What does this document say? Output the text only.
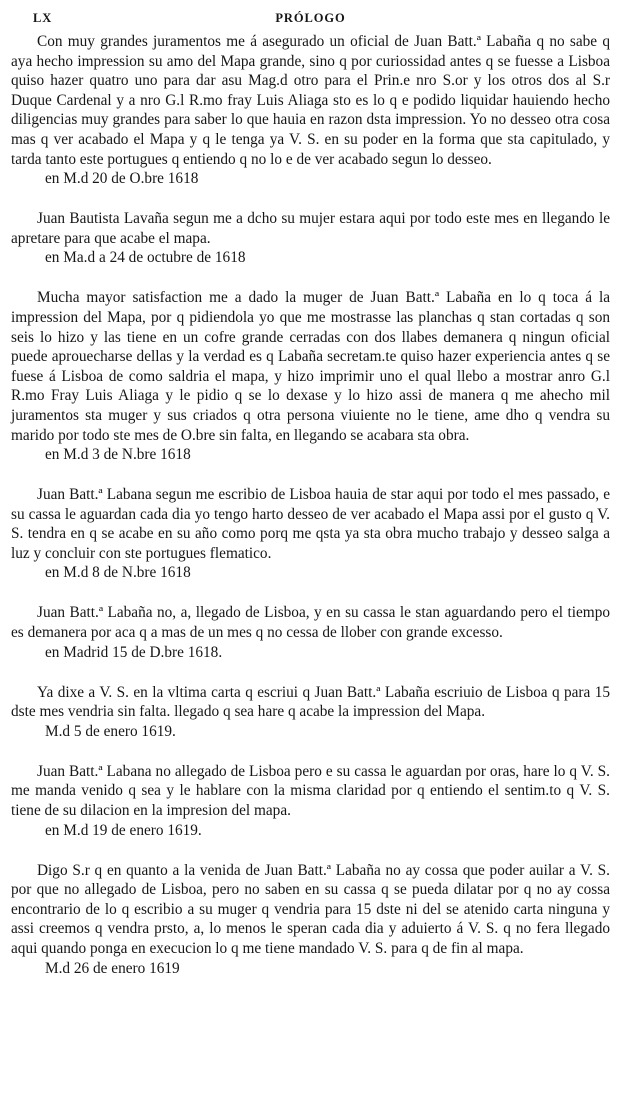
LX	PRÓLOGO

Con muy grandes juramentos me á asegurado un oficial de Juan Batt.ª Labaña q no sabe q aya hecho impression su amo del Mapa grande, sino q por curiossidad antes q se fuesse a Lisboa quiso hazer quatro uno para dar asu Mag.d otro para el Prin.e nro S.or y los otros dos al S.r Duque Cardenal y a nro G.l R.mo fray Luis Aliaga sto es lo q e podido liquidar hauiendo hecho diligencias muy grandes para saber lo que hauia en razon dsta impression. Yo no desseo otra cosa mas q ver acabado el Mapa y q le tenga ya V. S. en su poder en la forma que sta capitulado, y tarda tanto este portugues q entiendo q no lo e de ver acabado segun lo desseo.

en M.d 20 de O.bre 1618

Juan Bautista Lavaña segun me a dcho su mujer estara aqui por todo este mes en llegando le apretare para que acabe el mapa.

en Ma.d a 24 de octubre de 1618

Mucha mayor satisfaction me a dado la muger de Juan Batt.ª Labaña en lo q toca á la impression del Mapa, por q pidiendola yo que me mostrasse las planchas q stan cortadas q son seis lo hizo y las tiene en un cofre grande cerradas con dos llabes demanera q ningun oficial puede aprouecharse dellas y la verdad es q Labaña secretam.te quiso hazer experiencia antes q se fuese á Lisboa de como saldria el mapa, y hizo imprimir uno el qual llebo a mostrar anro G.l R.mo Fray Luis Aliaga y le pidio q se lo dexase y lo hizo assi de manera q me ahecho mil juramentos sta muger y sus criados q otra persona viuiente no le tiene, ame dho q vendra su marido por todo ste mes de O.bre sin falta, en llegando se acabara sta obra.

en M.d 3 de N.bre 1618

Juan Batt.ª Labana segun me escribio de Lisboa hauia de star aqui por todo el mes passado, e su cassa le aguardan cada dia yo tengo harto desseo de ver acabado el Mapa assi por el gusto q V. S. tendra en q se acabe en su año como porq me qsta ya sta obra mucho trabajo y desseo salga a luz y concluir con ste portugues flematico.

en M.d 8 de N.bre 1618

Juan Batt.ª Labaña no, a, llegado de Lisboa, y en su cassa le stan aguardando pero el tiempo es demanera por aca q a mas de un mes q no cessa de llober con grande excesso.

en Madrid 15 de D.bre 1618.

Ya dixe a V. S. en la vltima carta q escriui q Juan Batt.ª Labaña escriuio de Lisboa q para 15 dste mes vendria sin falta. llegado q sea hare q acabe la impression del Mapa.

M.d 5 de enero 1619.

Juan Batt.ª Labana no allegado de Lisboa pero e su cassa le aguardan por oras, hare lo q V. S. me manda venido q sea y le hablare con la misma claridad por q entiendo el sentim.to q V. S. tiene de su dilacion en la impresion del mapa.

en M.d 19 de enero 1619.

Digo S.r q en quanto a la venida de Juan Batt.ª Labaña no ay cossa que poder auilar a V. S. por que no allegado de Lisboa, pero no saben en su cassa q se pueda dilatar por q no ay cossa encontrario de lo q escribio a su muger q vendria para 15 dste ni del se atenido carta ninguna y assi creemos q vendra prsto, a, lo menos le speran cada dia y aduierto á V. S. q no fera llegado aqui quando ponga en execucion lo q me tiene mandado V. S. para q de fin al mapa.

M.d 26 de enero 1619
